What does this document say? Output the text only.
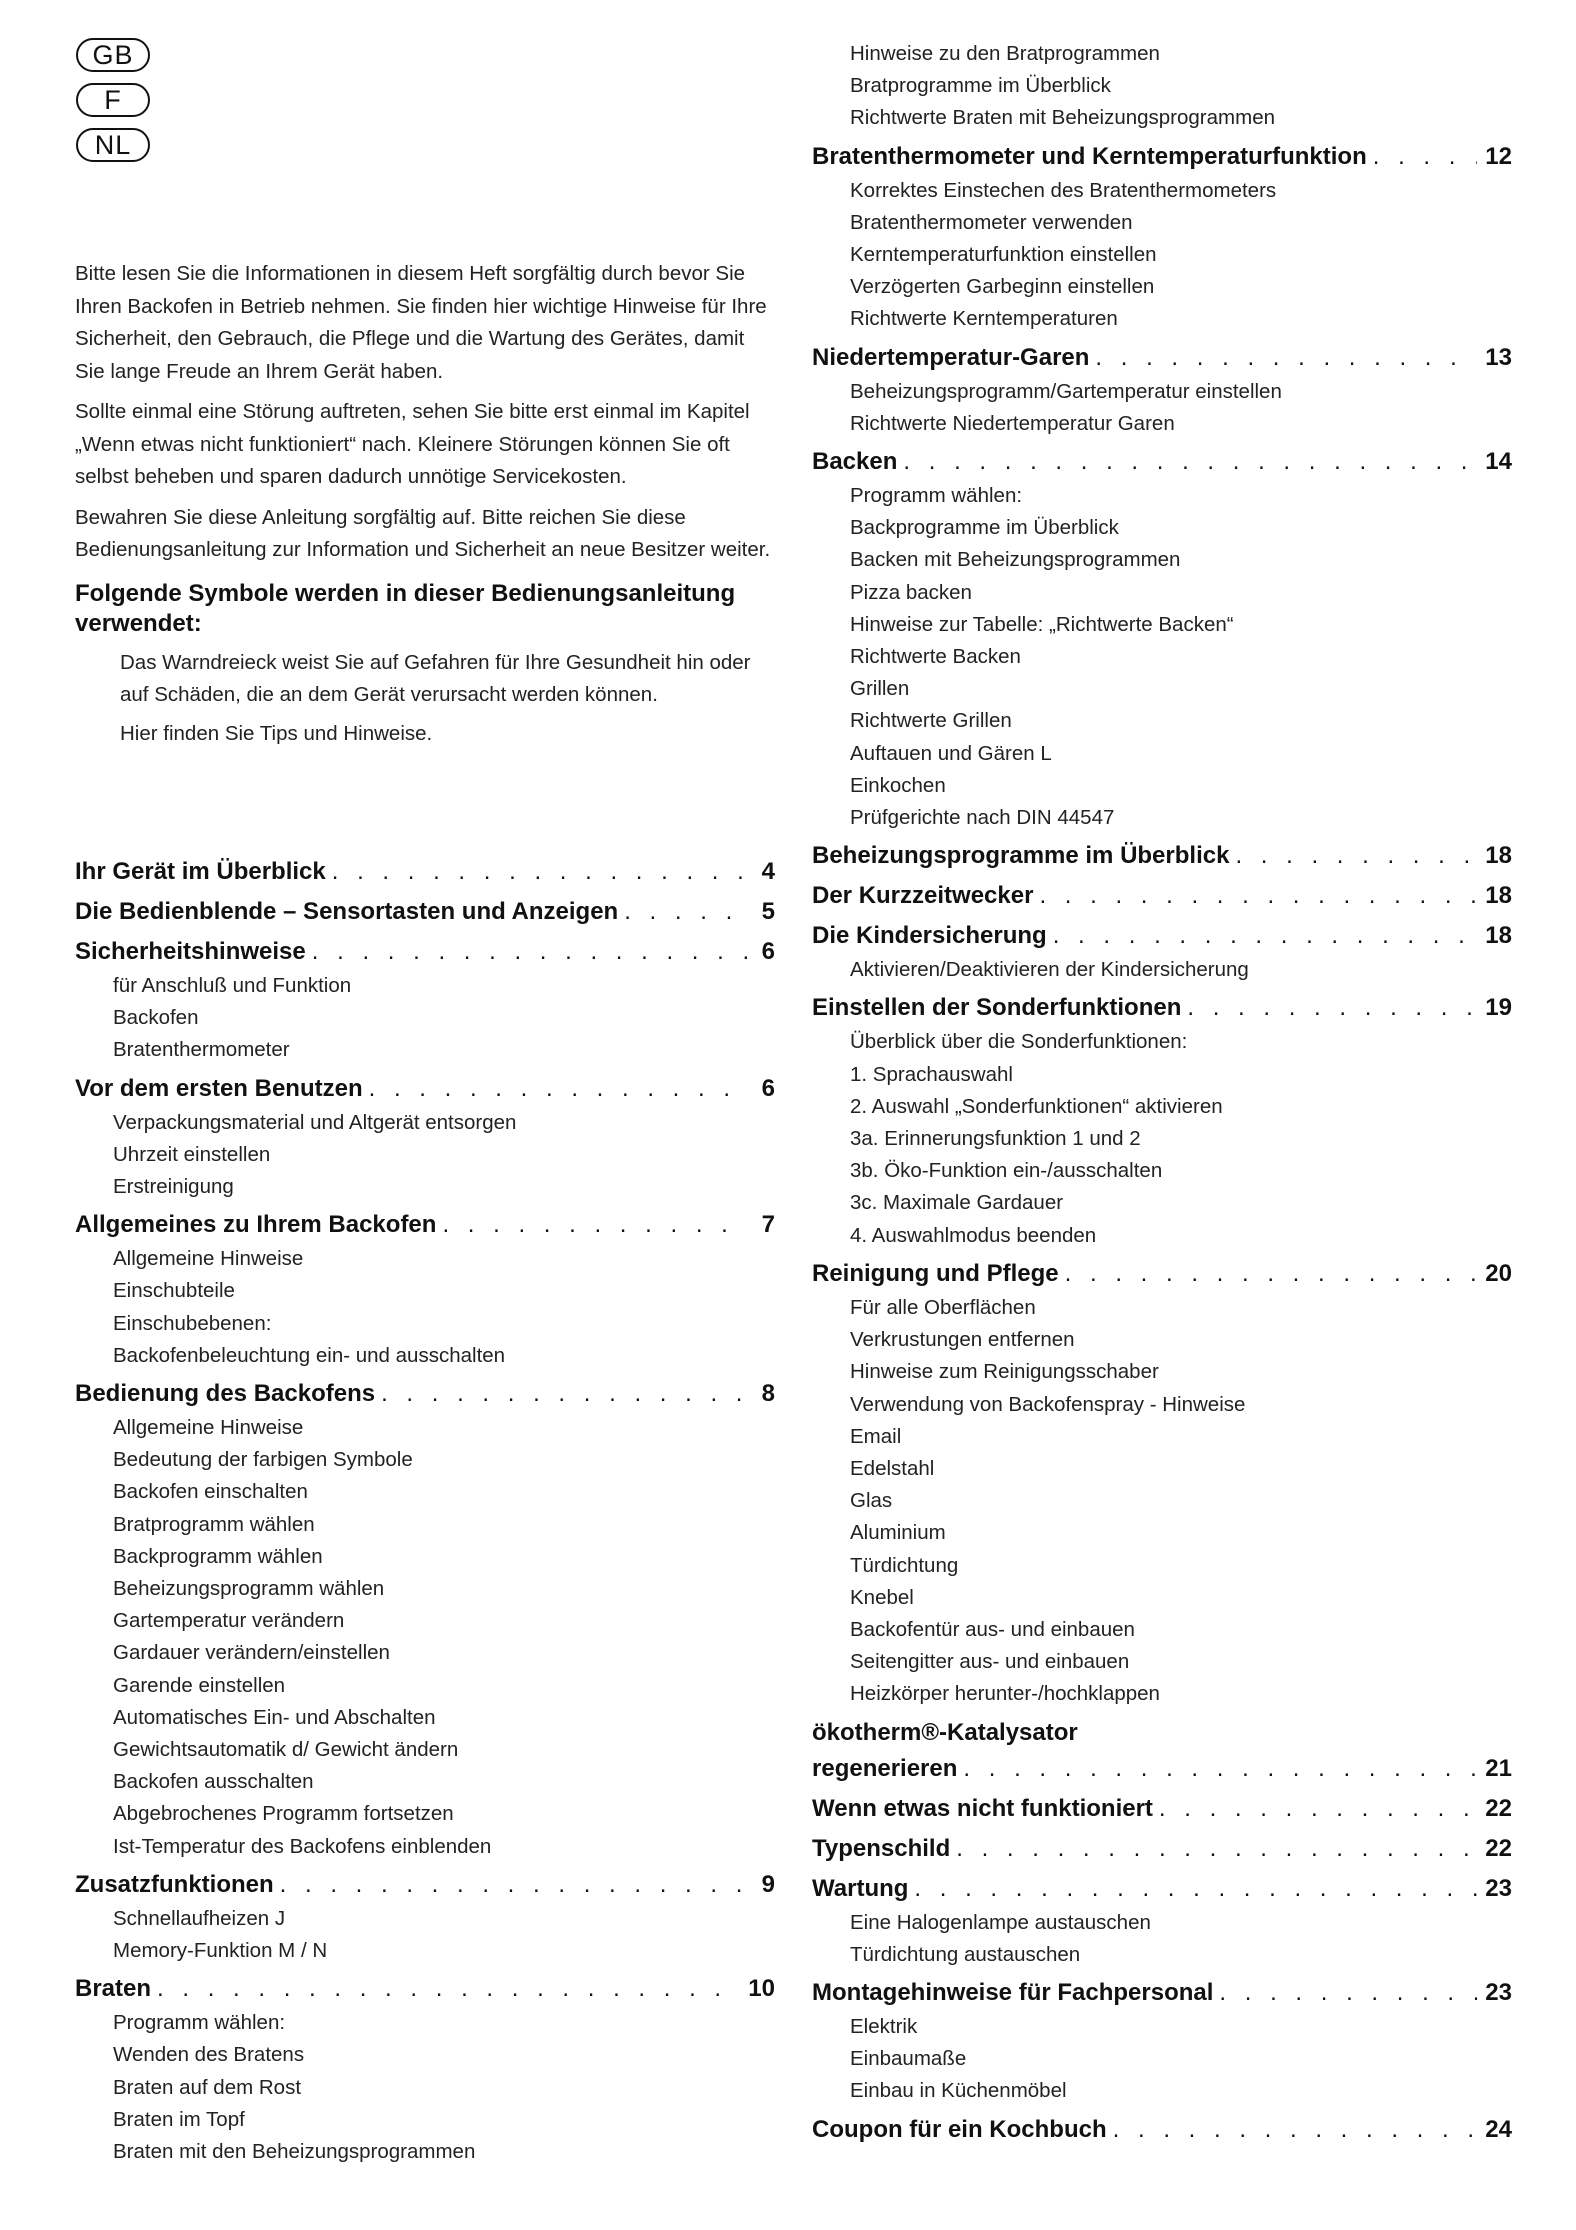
GB
F
NL

Bitte lesen Sie die Informationen in diesem Heft sorgfältig durch bevor Sie Ihren Backofen in Betrieb nehmen. Sie finden hier wichtige Hinweise für Ihre Sicherheit, den Gebrauch, die Pflege und die Wartung des Gerätes, damit Sie lange Freude an Ihrem Gerät haben.

Sollte einmal eine Störung auftreten, sehen Sie bitte erst einmal im Kapitel „Wenn etwas nicht funktioniert“ nach. Kleinere Störungen können Sie oft selbst beheben und sparen dadurch unnötige Servicekosten.

Bewahren Sie diese Anleitung sorgfältig auf. Bitte reichen Sie diese Bedienungsanleitung zur Information und Sicherheit an neue Besitzer weiter.

Folgende Symbole werden in dieser Bedienungsanleitung verwendet:
Das Warndreieck weist Sie auf Gefahren für Ihre Gesundheit hin oder auf Schäden, die an dem Gerät verursacht werden können.
Hier finden Sie Tips und Hinweise.
Ihr Gerät im Überblick . . .	4
Die Bedienblende – Sensortasten und Anzeigen . . .	5
Sicherheitshinweise . . .	6
für Anschluß und Funktion
Backofen
Bratenthermometer
Vor dem ersten Benutzen . . .	6
Verpackungsmaterial und Altgerät entsorgen
Uhrzeit einstellen
Erstreinigung
Allgemeines zu Ihrem Backofen . . .	7
Allgemeine Hinweise
Einschubteile
Einschubebenen:
Backofenbeleuchtung ein- und ausschalten
Bedienung des Backofens . . .	8
Allgemeine Hinweise
Bedeutung der farbigen Symbole
Backofen einschalten
Bratprogramm wählen
Backprogramm wählen
Beheizungsprogramm wählen
Gartemperatur verändern
Gardauer verändern/einstellen
Garende einstellen
Automatisches Ein- und Abschalten
Gewichtsautomatik d/ Gewicht ändern
Backofen ausschalten
Abgebrochenes Programm fortsetzen
Ist-Temperatur des Backofens einblenden
Zusatzfunktionen . . .	9
Schnellaufheizen J
Memory-Funktion M / N
Braten . . .	10
Programm wählen:
Wenden des Bratens
Braten auf dem Rost
Braten im Topf
Braten mit den Beheizungsprogrammen
Hinweise zu den Bratprogrammen
Bratprogramme im Überblick
Richtwerte Braten mit Beheizungsprogrammen
Bratenthermometer und Kerntemperaturfunktion . . .	12
Korrektes Einstechen des Bratenthermometers
Bratenthermometer verwenden
Kerntemperaturfunktion einstellen
Verzögerten Garbeginn einstellen
Richtwerte Kerntemperaturen
Niedertemperatur-Garen . . .	13
Beheizungsprogramm/Gartemperatur einstellen
Richtwerte Niedertemperatur Garen
Backen . . .	14
Programm wählen:
Backprogramme im Überblick
Backen mit Beheizungsprogrammen
Pizza backen
Hinweise zur Tabelle: „Richtwerte Backen“
Richtwerte Backen
Grillen
Richtwerte Grillen
Auftauen und Gären L
Einkochen
Prüfgerichte nach DIN 44547
Beheizungsprogramme im Überblick . . .	18
Der Kurzzeitwecker . . .	18
Die Kindersicherung . . .	18
Aktivieren/Deaktivieren der Kindersicherung
Einstellen der Sonderfunktionen . . .	19
Überblick über die Sonderfunktionen:
1. Sprachauswahl
2. Auswahl „Sonderfunktionen“ aktivieren
3a. Erinnerungsfunktion 1 und 2
3b. Öko-Funktion ein-/ausschalten
3c. Maximale Gardauer
4. Auswahlmodus beenden
Reinigung und Pflege . . .	20
Für alle Oberflächen
Verkrustungen entfernen
Hinweise zum Reinigungsschaber
Verwendung von Backofenspray - Hinweise
Email
Edelstahl
Glas
Aluminium
Türdichtung
Knebel
Backofentür aus- und einbauen
Seitengitter aus- und einbauen
Heizkörper herunter-/hochklappen
ökotherm®-Katalysator
regenerieren . . .	21
Wenn etwas nicht funktioniert . . .	22
Typenschild . . .	22
Wartung . . .	23
Eine Halogenlampe austauschen
Türdichtung austauschen
Montagehinweise für Fachpersonal . . .	23
Elektrik
Einbaumaße
Einbau in Küchenmöbel
Coupon für ein Kochbuch . . .	24
